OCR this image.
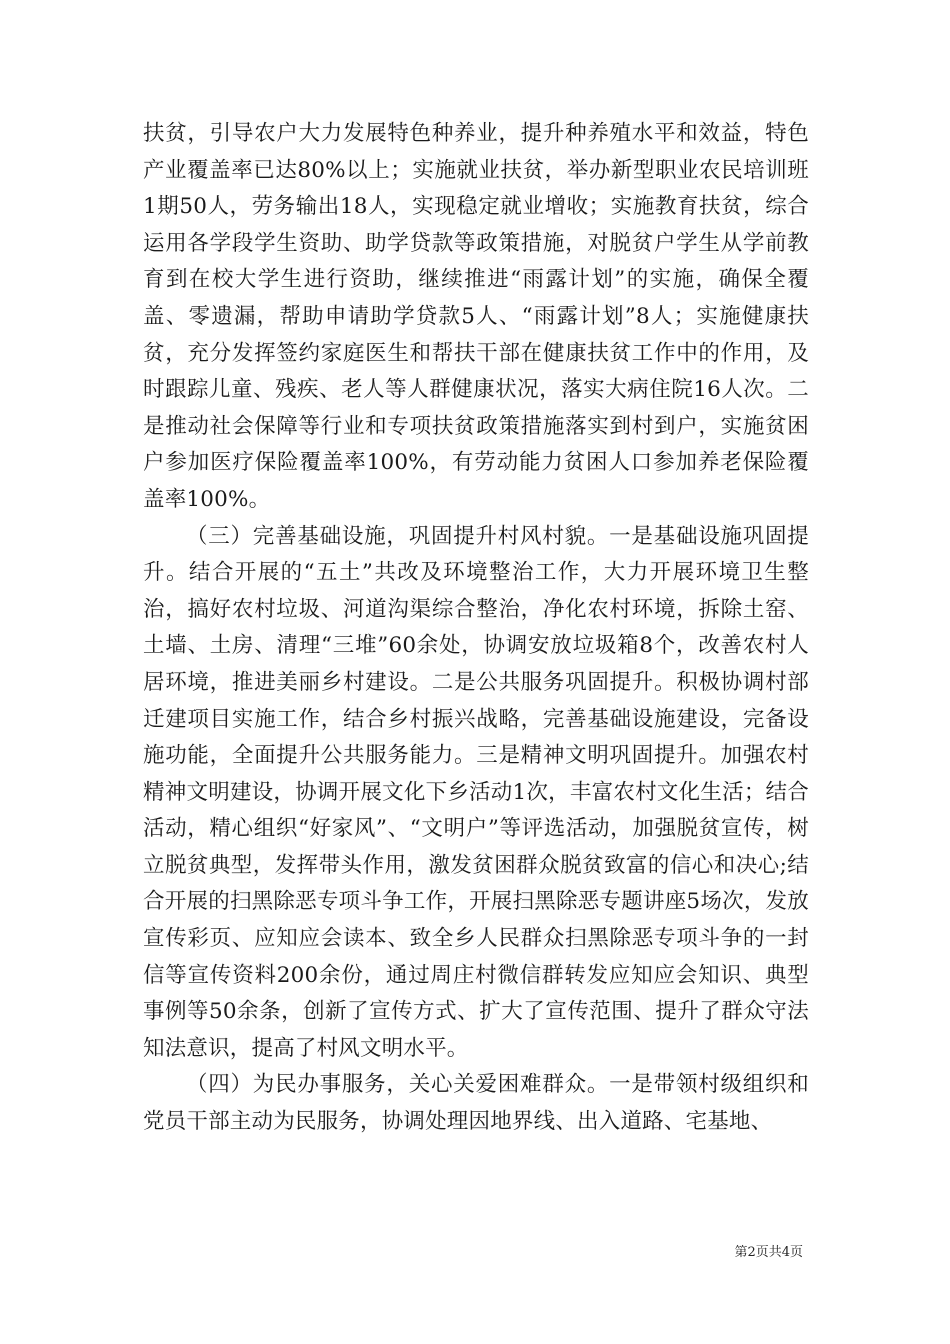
扶贫，引导农户大力发展特色种养业，提升种养殖水平和效益，特色产业覆盖率已达80%以上；实施就业扶贫，举办新型职业农民培训班1期50人，劳务输出18人，实现稳定就业增收；实施教育扶贫，综合运用各学段学生资助、助学贷款等政策措施，对脱贫户学生从学前教育到在校大学生进行资助，继续推进“雨露计划”的实施，确保全覆盖、零遗漏，帮助申请助学贷款5人、“雨露计划”8人；实施健康扶贫，充分发挥签约家庭医生和帮扶干部在健康扶贫工作中的作用，及时跟踪儿童、残疾、老人等人群健康状况，落实大病住院16人次。二是推动社会保障等行业和专项扶贫政策措施落实到村到户，实施贫困户参加医疗保险覆盖率100%，有劳动能力贫困人口参加养老保险覆盖率100%。

（三）完善基础设施，巩固提升村风村貌。一是基础设施巩固提升。结合开展的“五土”共改及环境整治工作，大力开展环境卫生整治，搞好农村垃圾、河道沟渠综合整治，净化农村环境，拆除土窑、土墙、土房、清理“三堆”60余处，协调安放垃圾箱8个，改善农村人居环境，推进美丽乡村建设。二是公共服务巩固提升。积极协调村部迁建项目实施工作，结合乡村振兴战略，完善基础设施建设，完备设施功能，全面提升公共服务能力。三是精神文明巩固提升。加强农村精神文明建设，协调开展文化下乡活动1次，丰富农村文化生活；结合活动，精心组织“好家风”、“文明户”等评选活动，加强脱贫宣传，树立脱贫典型，发挥带头作用，激发贫困群众脱贫致富的信心和决心;结合开展的扫黑除恶专项斗争工作，开展扫黑除恶专题讲座5场次，发放宣传彩页、应知应会读本、致全乡人民群众扫黑除恶专项斗争的一封信等宣传资料200余份，通过周庄村微信群转发应知应会知识、典型事例等50余条，创新了宣传方式、扩大了宣传范围、提升了群众守法知法意识，提高了村风文明水平。

（四）为民办事服务，关心关爱困难群众。一是带领村级组织和党员干部主动为民服务，协调处理因地界线、出入道路、宅基地、

第2页共4页
